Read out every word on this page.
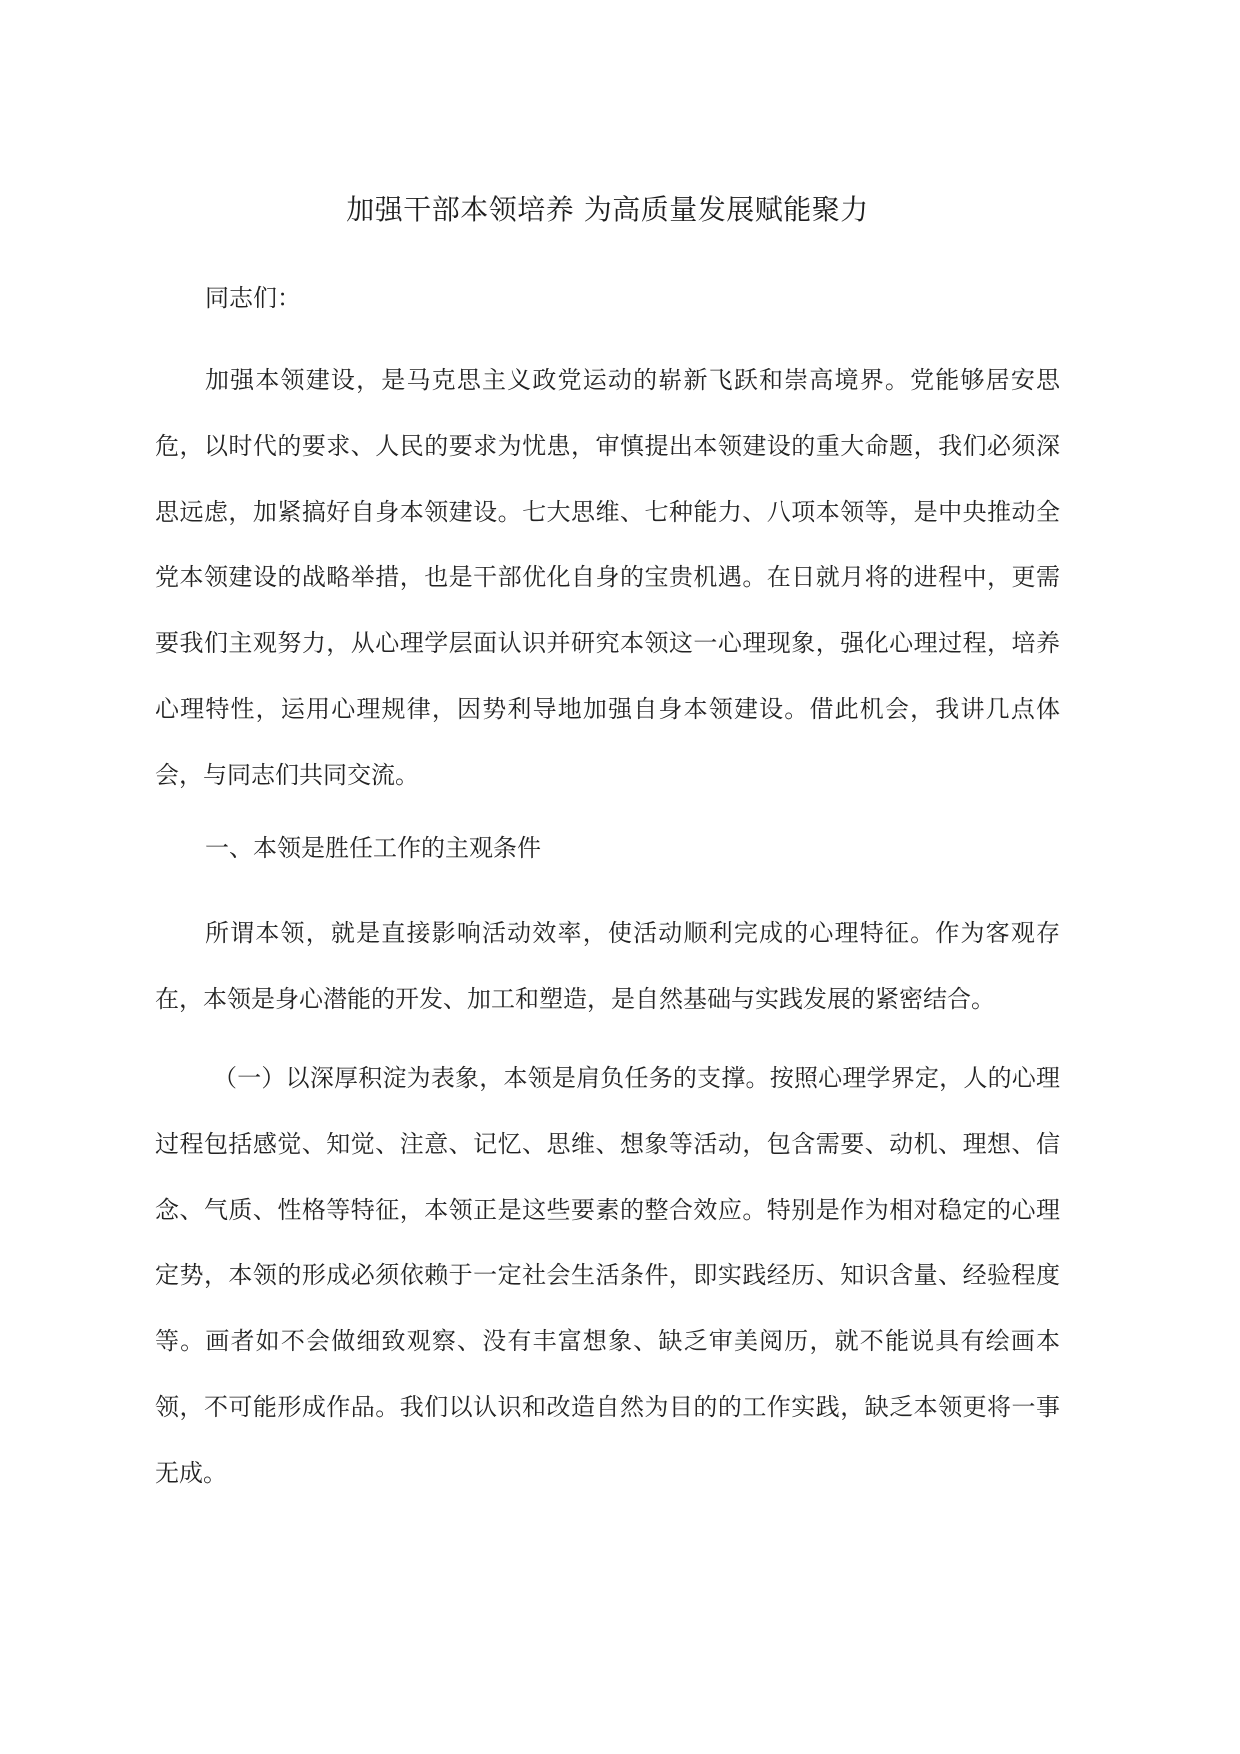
加强干部本领培养 为高质量发展赋能聚力
同志们：

加强本领建设，是马克思主义政党运动的崭新飞跃和崇高境界。党能够居安思危，以时代的要求、人民的要求为忧患，审慎提出本领建设的重大命题，我们必须深思远虑，加紧搞好自身本领建设。七大思维、七种能力、八项本领等，是中央推动全党本领建设的战略举措，也是干部优化自身的宝贵机遇。在日就月将的进程中，更需要我们主观努力，从心理学层面认识并研究本领这一心理现象，强化心理过程，培养心理特性，运用心理规律，因势利导地加强自身本领建设。借此机会，我讲几点体会，与同志们共同交流。

一、本领是胜任工作的主观条件

所谓本领，就是直接影响活动效率，使活动顺利完成的心理特征。作为客观存在，本领是身心潜能的开发、加工和塑造，是自然基础与实践发展的紧密结合。

（一）以深厚积淀为表象，本领是肩负任务的支撑。按照心理学界定，人的心理过程包括感觉、知觉、注意、记忆、思维、想象等活动，包含需要、动机、理想、信念、气质、性格等特征，本领正是这些要素的整合效应。特别是作为相对稳定的心理定势，本领的形成必须依赖于一定社会生活条件，即实践经历、知识含量、经验程度等。画者如不会做细致观察、没有丰富想象、缺乏审美阅历，就不能说具有绘画本领，不可能形成作品。我们以认识和改造自然为目的的工作实践，缺乏本领更将一事无成。
